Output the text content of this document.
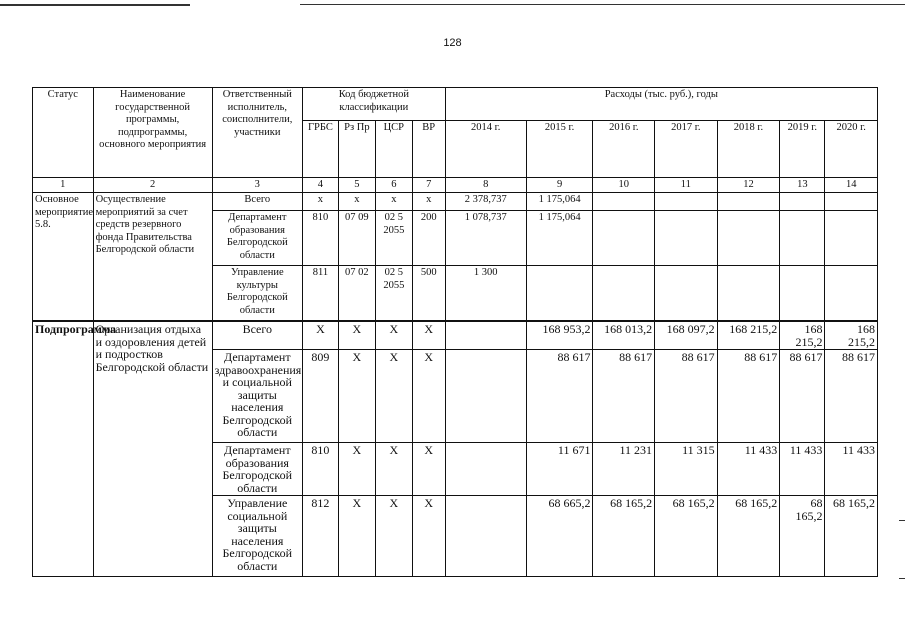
128
Статус	Наименование государственной программы, подпрограммы, основного мероприятия	Ответственный исполнитель, соисполнители, участники	Код бюджетной классификации				Расходы (тыс. руб.), годы						
			ГРБС	Рз Пр	ЦСР	ВР	2014 г.	2015 г.	2016 г.	2017 г.	2018 г.	2019 г.	2020 г.
1	2	3	4	5	6	7	8	9	10	11	12	13	14
Основное мероприятие 5.8.	Осуществление мероприятий за счет средств резервного фонда Правительства Белгородской области	Всего	x	x	x	x	2 378,737	1 175,064					
		Департамент образования Белгородской области	810	07 09	02 5 2055	200	1 078,737	1 175,064					
		Управление культуры Белгородской области	811	07 02	02 5 2055	500	1 300						
Подпрограмма	Организация отдыха и оздоровления детей и подростков Белгородской области	Всего	Х	Х	Х	Х		168 953,2	168 013,2	168 097,2	168 215,2	168 215,2	168 215,2
		Департамент здравоохранения и социальной защиты населения Белгородской области	809	Х	Х	Х		88 617	88 617	88 617	88 617	88 617	88 617
		Департамент образования Белгородской области	810	Х	Х	Х		11 671	11 231	11 315	11 433	11 433	11 433
		Управление социальной защиты населения Белгородской области	812	Х	Х	Х		68 665,2	68 165,2	68 165,2	68 165,2	68 165,2	68 165,2
